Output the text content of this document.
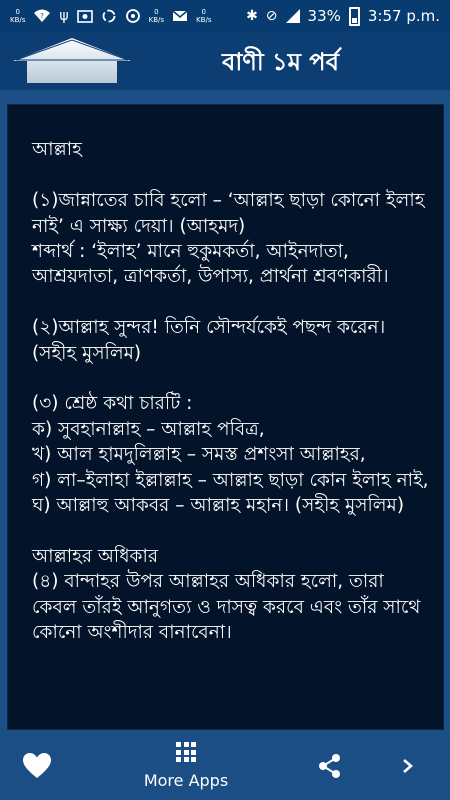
0
KB/s ? ψ	0
KB/s
0
KB/s ✱ ⊘ 33% 3:57 p.m.
বাণী ১ম পর্ব

আল্লাহ

(১)জান্নাতের চাবি হলো – ‘আল্লাহ ছাড়া কোনো ইলাহ নাই’ এ সাক্ষ্য দেয়া। (আহমদ)
শব্দার্থ : ‘ইলাহ’ মানে হুকুমকর্তা, আইনদাতা, আশ্রয়দাতা, ত্রাণকর্তা, উপাস্য, প্রার্থনা শ্রবণকারী।

(২)আল্লাহ সুন্দর! তিনি সৌন্দর্যকেই পছন্দ করেন। (সহীহ মুসলিম)

(৩) শ্রেষ্ঠ কথা চারটি :
ক) সুবহানাল্লাহ – আল্লাহ পবিত্র,
খ) আল হামদুলিল্লাহ – সমস্ত প্রশংসা আল্লাহর,
গ) লা–ইলাহা ইল্লাল্লাহ – আল্লাহ ছাড়া কোন ইলাহ নাই,
ঘ) আল্লাহু আকবর – আল্লাহ মহান। (সহীহ মুসলিম)

আল্লাহর অধিকার
(৪) বান্দাহর উপর আল্লাহর অধিকার হলো, তারা কেবল তাঁরই আনুগত্য ও দাসত্ব করবে এবং তাঁর সাথে কোনো অংশীদার বানাবেনা।

More Apps
